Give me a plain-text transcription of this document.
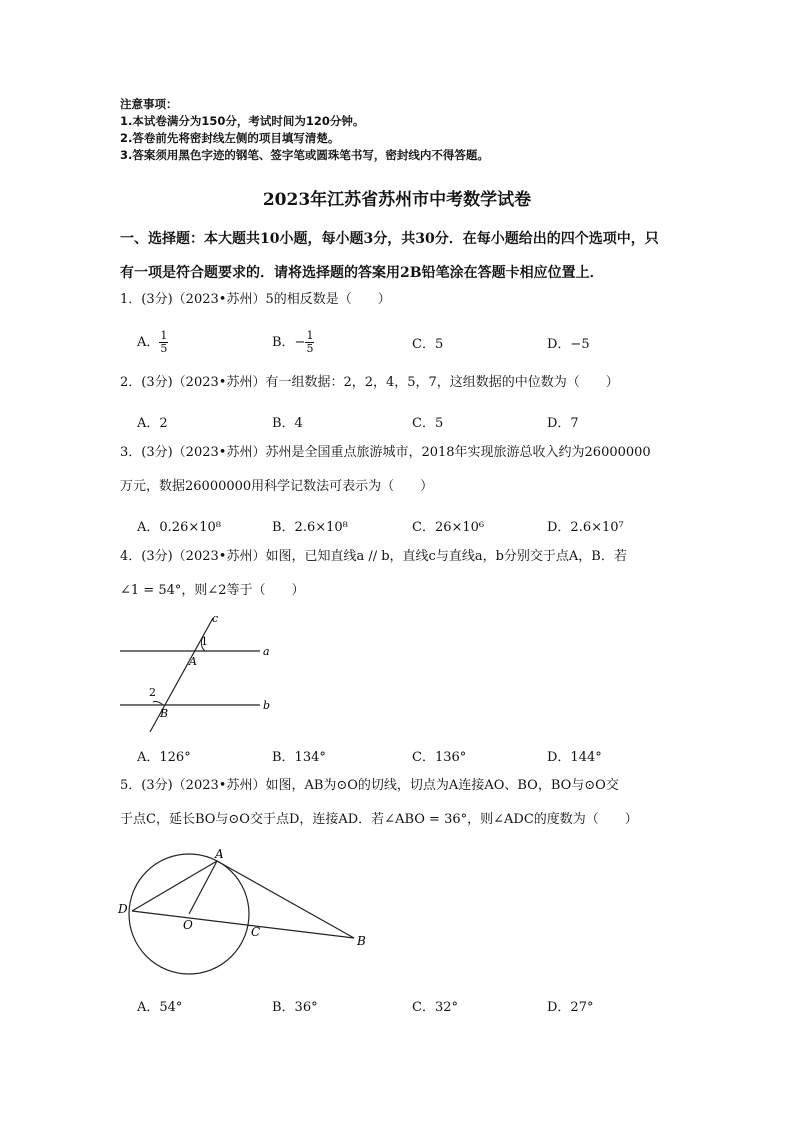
注意事项：
1.本试卷满分为150分，考试时间为120分钟。
2.答卷前先将密封线左侧的项目填写清楚。
3.答案须用黑色字迹的钢笔、签字笔或圆珠笔书写，密封线内不得答题。
2023年江苏省苏州市中考数学试卷
一、选择题：本大题共10小题，每小题3分，共30分．在每小题给出的四个选项中，只
有一项是符合题要求的．请将选择题的答案用2B铅笔涂在答题卡相应位置上．
1．(3分)（2023•苏州）5的相反数是（　　）
A． $\frac{1}{5}$	B．− $\frac{1}{5}$	C．5	D．−5
2．(3分)（2023•苏州）有一组数据：2，2，4，5，7，这组数据的中位数为（　　）
A．2	B．4	C．5	D．7
3．(3分)（2023•苏州）苏州是全国重点旅游城市，2018年实现旅游总收入约为26000000
万元，数据26000000用科学记数法可表示为（　　）
A．0.26×10⁸	B．2.6×10⁸	C．26×10⁶	D．2.6×10⁷
4．(3分)（2023•苏州）如图，已知直线a // b，直线c与直线a，b分别交于点A，B．若
∠1 = 54°，则∠2等于（　　）
c
1
A
a
2
B
b
A．126°	B．134°	C．136°	D．144°
5．(3分)（2023•苏州）如图，AB为⊙O的切线，切点为A连接AO、BO，BO与⊙O交
于点C，延长BO与⊙O交于点D，连接AD．若∠ABO = 36°，则∠ADC的度数为（　　）
A
D
O	C
B
A．54°	B．36°	C．32°	D．27°
